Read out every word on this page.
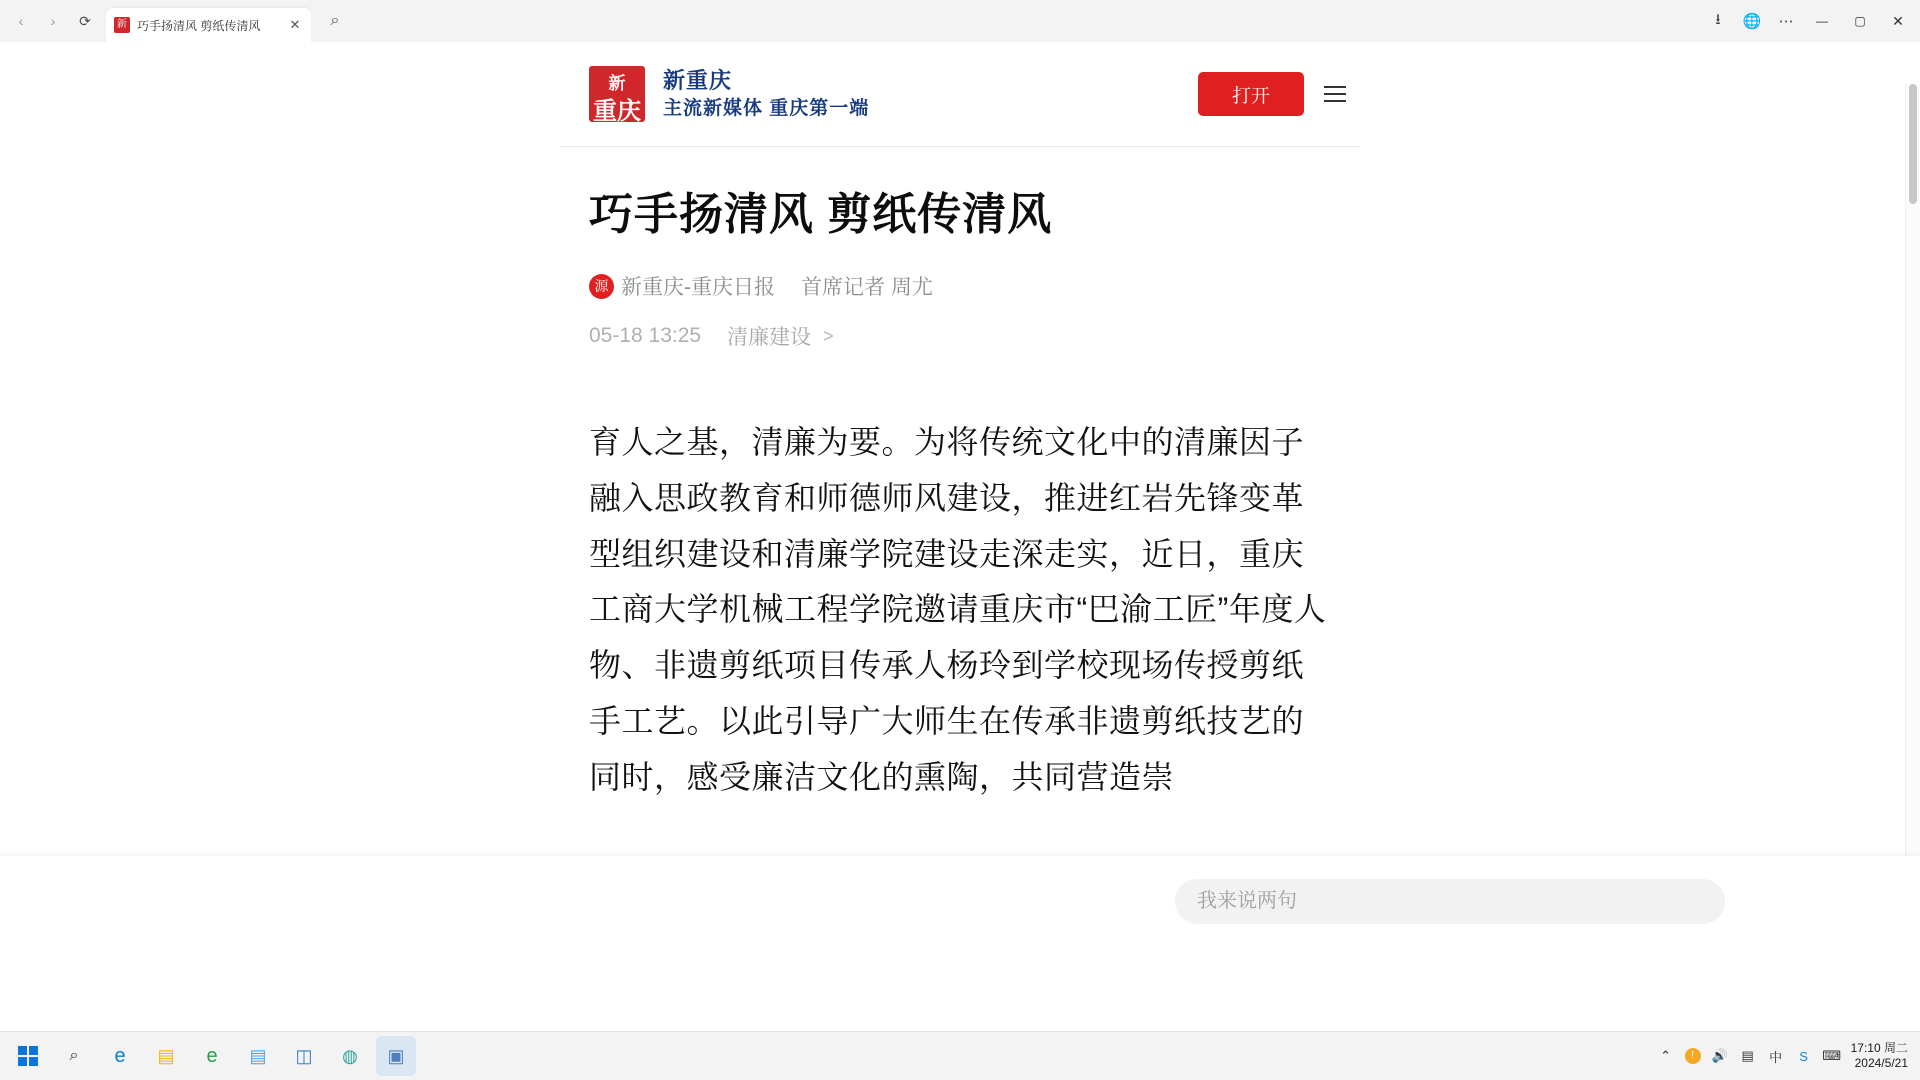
‹	›	⟳ 新	巧手扬清风 剪纸传清风	✕	⌕	⭳	🌐	⋯	—	▢	✕
新
重庆
新重庆
主流新媒体 重庆第一端
打开
巧手扬清风 剪纸传清风
源 新重庆-重庆日报 首席记者 周尤
05-18 13:25 清廉建设 >
育人之基，清廉为要。为将传统文化中的清廉因子融入思政教育和师德师风建设，推进红岩先锋变革型组织建设和清廉学院建设走深走实，近日，重庆工商大学机械工程学院邀请重庆市“巴渝工匠”年度人物、非遗剪纸项目传承人杨玲到学校现场传授剪纸手工艺。以此引导广大师生在传承非遗剪纸技艺的同时，感受廉洁文化的熏陶，共同营造崇
我来说两句
⌕	e	▤	e	▤	◫	◍	▣	⌃	!	🔊 ▤ 中	S	⌨ 17:10 周二
2024/5/21
